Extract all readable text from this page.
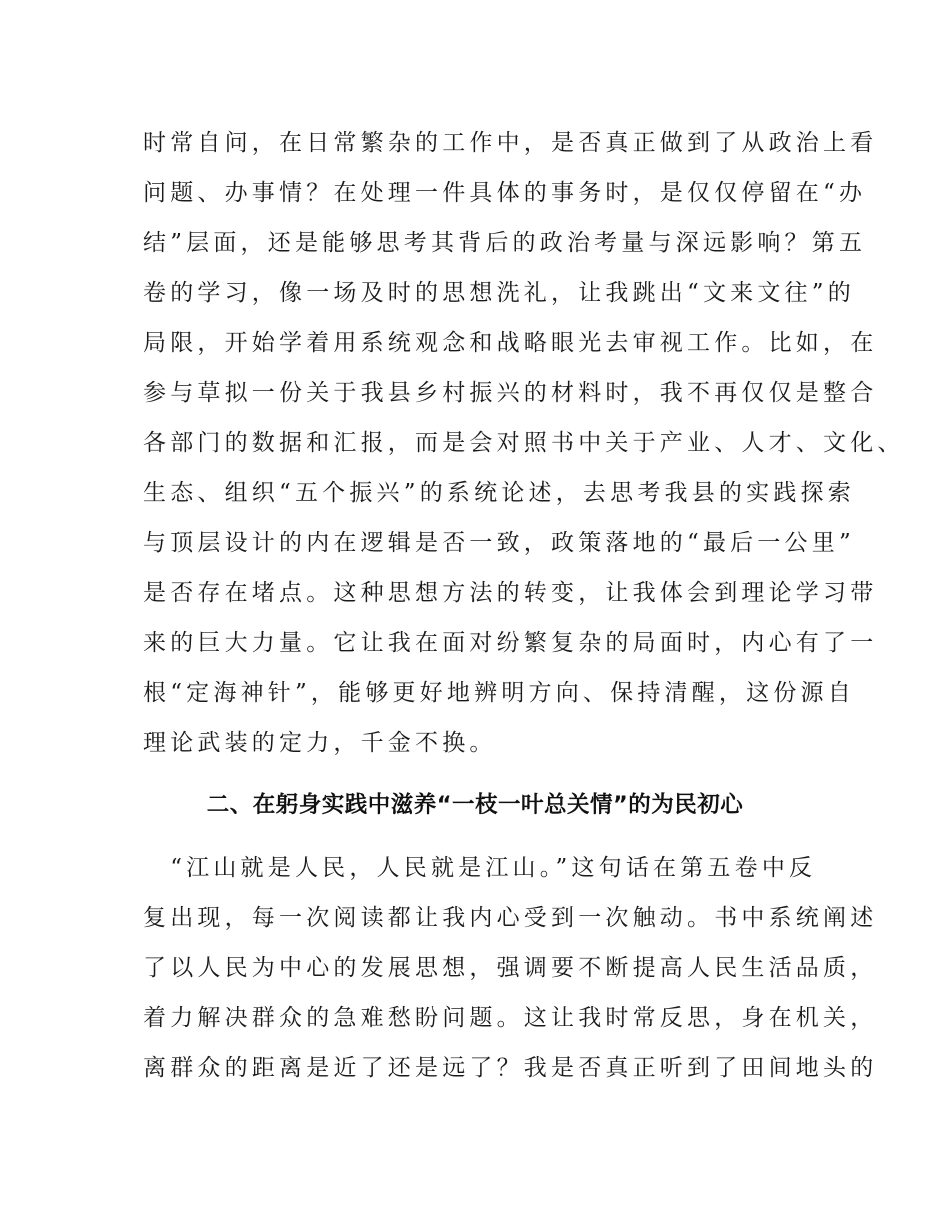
时常自问，在日常繁杂的工作中，是否真正做到了从政治上看
问题、办事情？在处理一件具体的事务时，是仅仅停留在“办
结”层面，还是能够思考其背后的政治考量与深远影响？第五
卷的学习，像一场及时的思想洗礼，让我跳出“文来文往”的
局限，开始学着用系统观念和战略眼光去审视工作。比如，在
参与草拟一份关于我县乡村振兴的材料时，我不再仅仅是整合
各部门的数据和汇报，而是会对照书中关于产业、人才、文化、
生态、组织“五个振兴”的系统论述，去思考我县的实践探索
与顶层设计的内在逻辑是否一致，政策落地的“最后一公里”
是否存在堵点。这种思想方法的转变，让我体会到理论学习带
来的巨大力量。它让我在面对纷繁复杂的局面时，内心有了一
根“定海神针”，能够更好地辨明方向、保持清醒，这份源自
理论武装的定力，千金不换。
二、在躬身实践中滋养“一枝一叶总关情”的为民初心
　“江山就是人民，人民就是江山。”这句话在第五卷中反
复出现，每一次阅读都让我内心受到一次触动。书中系统阐述
了以人民为中心的发展思想，强调要不断提高人民生活品质，
着力解决群众的急难愁盼问题。这让我时常反思，身在机关，
离群众的距离是近了还是远了？我是否真正听到了田间地头的
